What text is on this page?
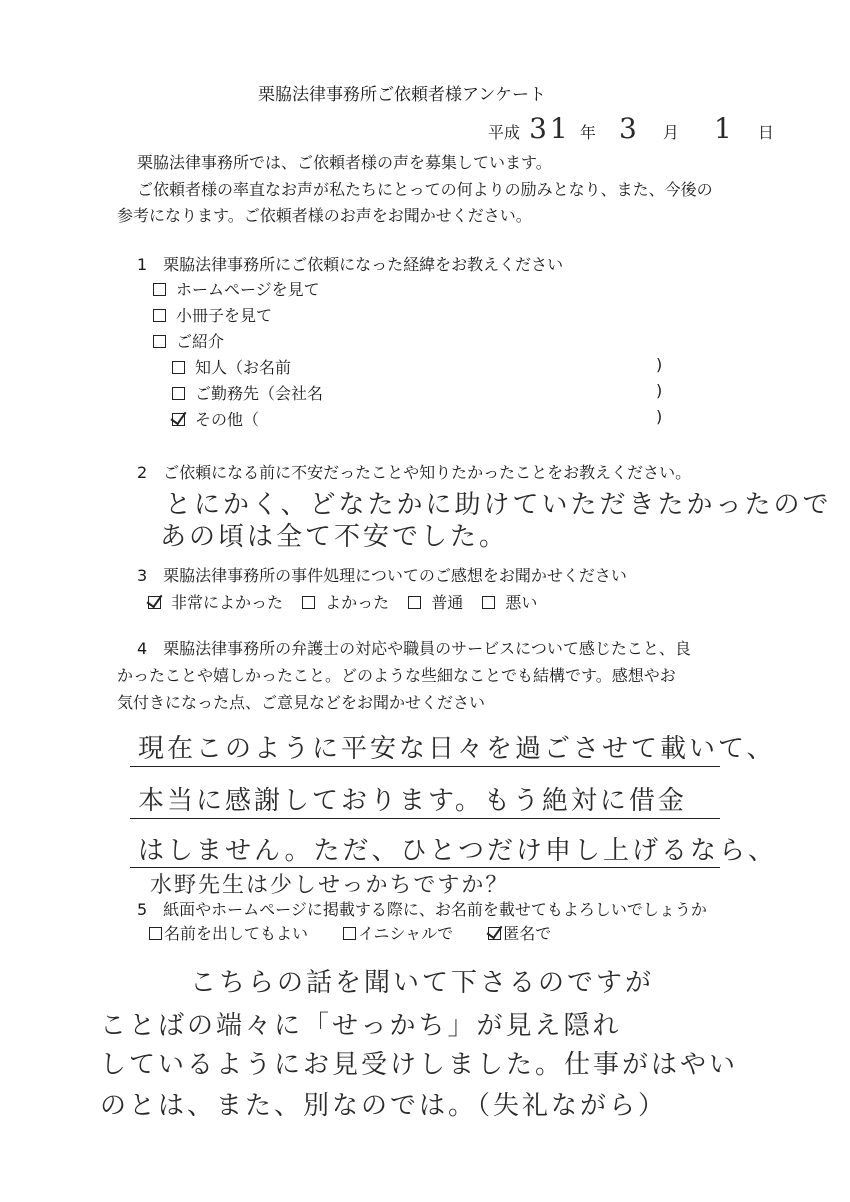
栗脇法律事務所ご依頼者様アンケート
平成 31 年 3 月 1 日
栗脇法律事務所では、ご依頼者様の声を募集しています。
ご依頼者様の率直なお声が私たちにとっての何よりの励みとなり、また、今後の
参考になります。ご依頼者様のお声をお聞かせください。
1　栗脇法律事務所にご依頼になった経緯をお教えください
ホームページを見て
小冊子を見て
ご紹介
知人（お名前	)
ご勤務先（会社名	)
その他（	)
2　ご依頼になる前に不安だったことや知りたかったことをお教えください。
とにかく、どなたかに助けていただきたかったので
あの頃は全て不安でした。
3　栗脇法律事務所の事件処理についてのご感想をお聞かせください
非常によかった	よかった	普通	悪い
4　栗脇法律事務所の弁護士の対応や職員のサービスについて感じたこと、良
かったことや嬉しかったこと。どのような些細なことでも結構です。感想やお
気付きになった点、ご意見などをお聞かせください
現在このように平安な日々を過ごさせて載いて、
本当に感謝しております。もう絶対に借金
はしません。ただ、ひとつだけ申し上げるなら、
水野先生は少しせっかちですか？
5　紙面やホームページに掲載する際に、お名前を載せてもよろしいでしょうか
名前を出してもよい	イニシャルで	匿名で
こちらの話を聞いて下さるのですが
ことばの端々に「せっかち」が見え隠れ
しているようにお見受けしました。仕事がはやい
のとは、また、別なのでは。（失礼ながら）
